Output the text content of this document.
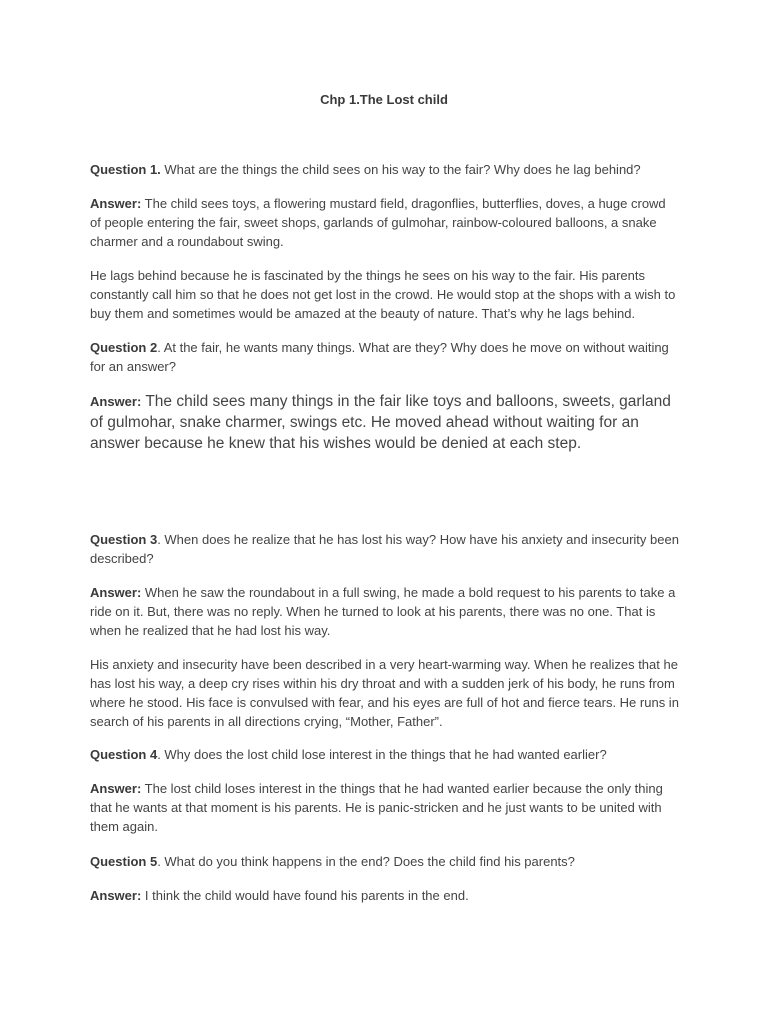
Chp 1.The Lost child
Question 1. What are the things the child sees on his way to the fair? Why does he lag behind?
Answer: The child sees toys, a flowering mustard field, dragonflies, butterflies, doves, a huge crowd of people entering the fair, sweet shops, garlands of gulmohar, rainbow-coloured balloons, a snake charmer and a roundabout swing.
He lags behind because he is fascinated by the things he sees on his way to the fair. His parents constantly call him so that he does not get lost in the crowd. He would stop at the shops with a wish to buy them and sometimes would be amazed at the beauty of nature. That’s why he lags behind.
Question 2. At the fair, he wants many things. What are they? Why does he move on without waiting for an answer?
Answer: The child sees many things in the fair like toys and balloons, sweets, garland of gulmohar, snake charmer, swings etc. He moved ahead without waiting for an answer because he knew that his wishes would be denied at each step.
Question 3. When does he realize that he has lost his way? How have his anxiety and insecurity been described?
Answer: When he saw the roundabout in a full swing, he made a bold request to his parents to take a ride on it. But, there was no reply. When he turned to look at his parents, there was no one. That is when he realized that he had lost his way.
His anxiety and insecurity have been described in a very heart-warming way. When he realizes that he has lost his way, a deep cry rises within his dry throat and with a sudden jerk of his body, he runs from where he stood. His face is convulsed with fear, and his eyes are full of hot and fierce tears. He runs in search of his parents in all directions crying, “Mother, Father”.
Question 4. Why does the lost child lose interest in the things that he had wanted earlier?
Answer: The lost child loses interest in the things that he had wanted earlier because the only thing that he wants at that moment is his parents. He is panic-stricken and he just wants to be united with them again.
Question 5. What do you think happens in the end? Does the child find his parents?
Answer: I think the child would have found his parents in the end.
